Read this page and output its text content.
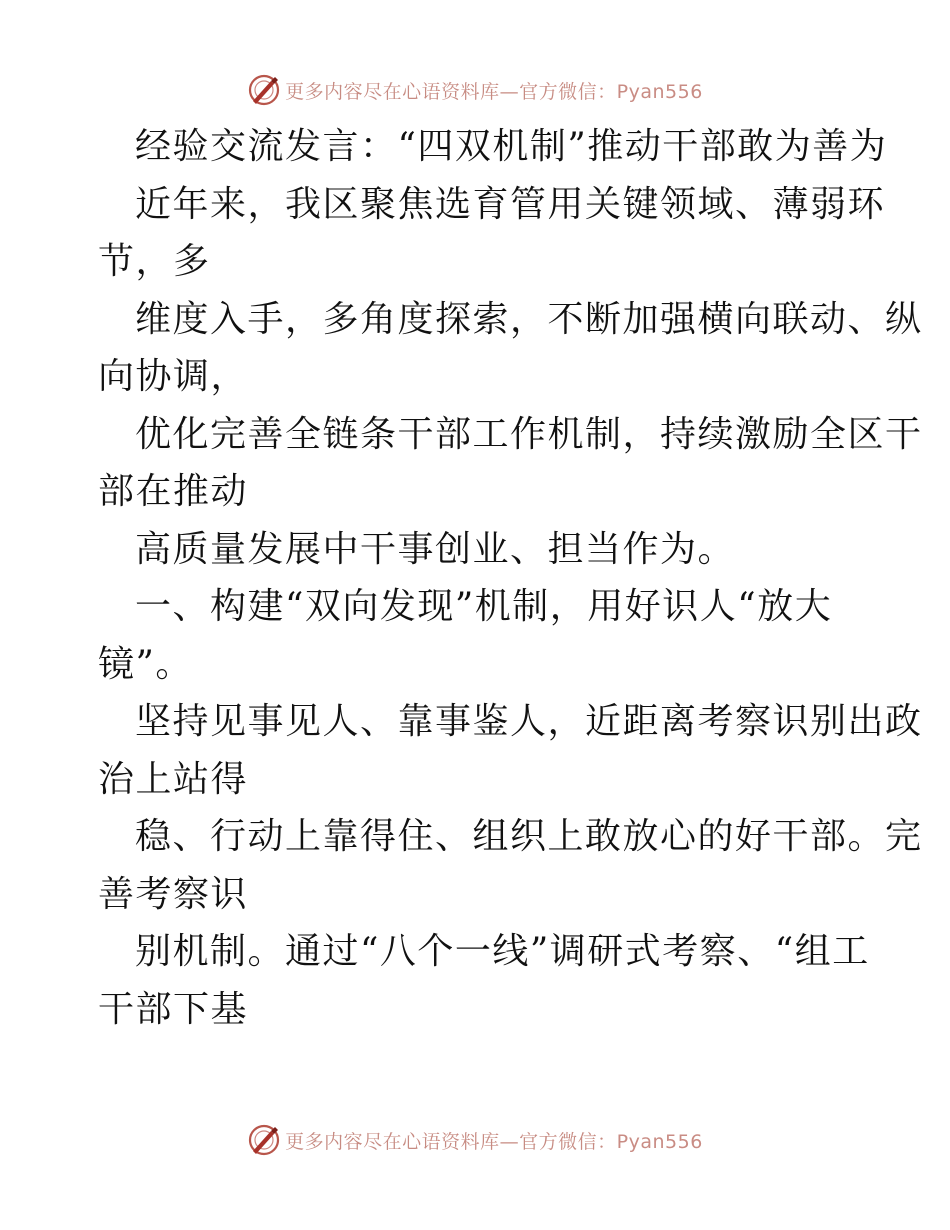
更多内容尽在心语资料库—官方微信：Pyan556
经验交流发言：“四双机制”推动干部敢为善为
近年来，我区聚焦选育管用关键领域、薄弱环
节，多
维度入手，多角度探索，不断加强横向联动、纵
向协调，
优化完善全链条干部工作机制，持续激励全区干
部在推动
高质量发展中干事创业、担当作为。
一、构建“双向发现”机制，用好识人“放大
镜”。
坚持见事见人、靠事鉴人，近距离考察识别出政
治上站得
稳、行动上靠得住、组织上敢放心的好干部。完
善考察识
别机制。通过“八个一线”调研式考察、“组工
干部下基
更多内容尽在心语资料库—官方微信：Pyan556
